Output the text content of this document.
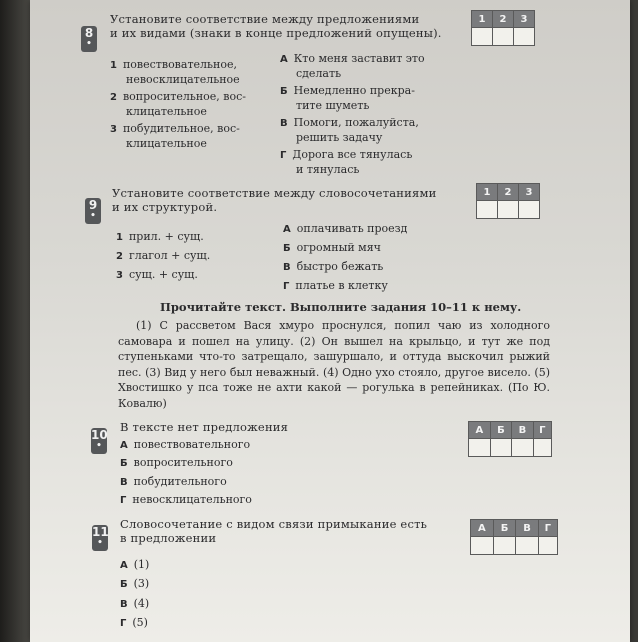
8
•
Установите соответствие между предложениями
и их видами (знаки в конце предложений опущены).
1	2	3

1 повествовательное,
невосклицательное
2 вопросительное, вос-
клицательное
3 побудительное, вос-
клицательное
А Кто меня заставит это
сделать
Б Немедленно прекра-
тите шуметь
В Помоги, пожалуйста,
решить задачу
Г Дорога все тянулась
и тянулась
9
•
Установите соответствие между словосочетаниями
и их структурой.
1	2	3

1 прил. + сущ.
2 глагол + сущ.
3 сущ. + сущ.
А оплачивать проезд
Б огромный мяч
В быстро бежать
Г платье в клетку
Прочитайте текст. Выполните задания 10–11 к нему.

(1) С рассветом Вася хмуро проснулся, попил чаю из холодного самовара и пошел на улицу. (2) Он вышел на крыльцо, и тут же под ступеньками что-то затрещало, зашуршало, и оттуда выскочил рыжий пес. (3) Вид у него был неважный. (4) Одно ухо стояло, другое висело. (5) Хвостишко у пса тоже не ахти какой — рогулька в репейниках. (По Ю. Ковалю)

10
•
В тексте нет предложения	А	Б	В	Г

А повествовательного
Б вопросительного
В побудительного
Г невосклицательного
11
•
Словосочетание с видом связи примыкание есть
в предложении
А	Б	В	Г

А (1)
Б (3)
В (4)
Г (5)
